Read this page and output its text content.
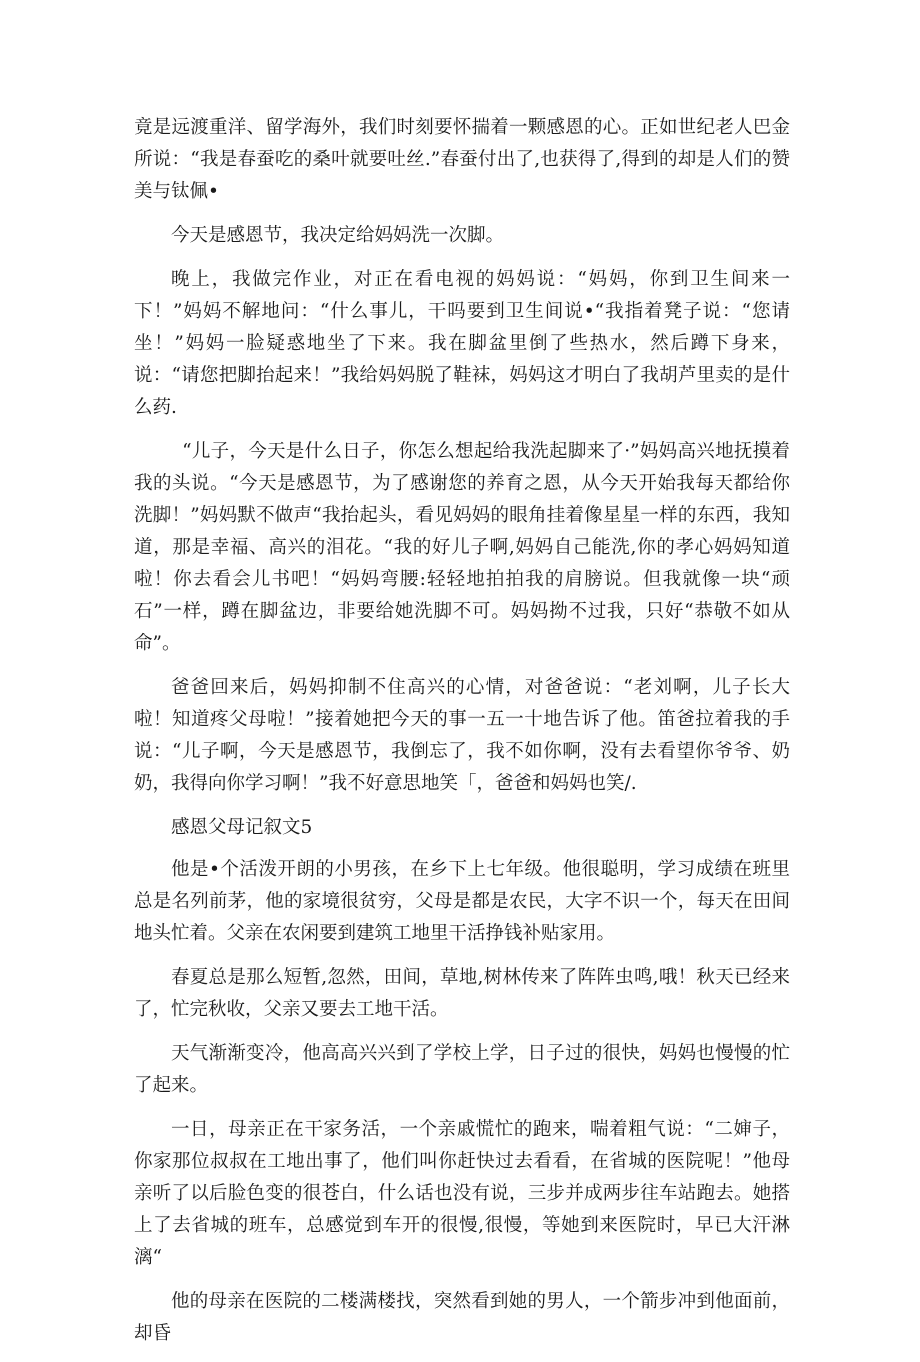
竟是远渡重洋、留学海外，我们时刻要怀揣着一颗感恩的心。正如世纪老人巴金所说：“我是春蚕吃的桑叶就要吐丝.”春蚕付出了,也获得了,得到的却是人们的赞美与钛佩•

今天是感恩节，我决定给妈妈洗一次脚。

晚上，我做完作业，对正在看电视的妈妈说：“妈妈，你到卫生间来一下！”妈妈不解地问：“什么事儿，干吗要到卫生间说•“我指着凳子说：“您请坐！”妈妈一脸疑惑地坐了下来。我在脚盆里倒了些热水，然后蹲下身来，说：“请您把脚抬起来！”我给妈妈脱了鞋袜，妈妈这才明白了我胡芦里卖的是什么药.

“儿子，今天是什么日子，你怎么想起给我洗起脚来了·”妈妈高兴地抚摸着我的头说。“今天是感恩节，为了感谢您的养育之恩，从今天开始我每天都给你洗脚！”妈妈默不做声“我抬起头，看见妈妈的眼角挂着像星星一样的东西，我知道，那是幸福、高兴的泪花。“我的好儿子啊,妈妈自己能洗,你的孝心妈妈知道啦！你去看会儿书吧！“妈妈弯腰:轻轻地拍拍我的肩膀说。但我就像一块“顽石”一样，蹲在脚盆边，非要给她洗脚不可。妈妈拗不过我，只好“恭敬不如从命”。

爸爸回来后，妈妈抑制不住高兴的心情，对爸爸说：“老刘啊，儿子长大啦！知道疼父母啦！”接着她把今天的事一五一十地告诉了他。笛爸拉着我的手说：“儿子啊，今天是感恩节，我倒忘了，我不如你啊，没有去看望你爷爷、奶奶，我得向你学习啊！”我不好意思地笑「，爸爸和妈妈也笑/.

感恩父母记叙文5

他是•个活泼开朗的小男孩，在乡下上七年级。他很聪明，学习成绩在班里总是名列前茅，他的家境很贫穷，父母是都是农民，大字不识一个，每天在田间地头忙着。父亲在农闲要到建筑工地里干活挣钱补贴家用。

春夏总是那么短暂,忽然，田间，草地,树林传来了阵阵虫鸣,哦！秋天已经来了，忙完秋收，父亲又要去工地干活。

天气渐渐变冷，他高高兴兴到了学校上学，日子过的很快，妈妈也慢慢的忙了起来。

一日，母亲正在干家务活，一个亲戚慌忙的跑来，喘着粗气说：“二婶子，你家那位叔叔在工地出事了，他们叫你赶快过去看看，在省城的医院呢！”他母亲听了以后脸色变的很苍白，什么话也没有说，三步并成两步往车站跑去。她搭上了去省城的班车，总感觉到车开的很慢,很慢，等她到来医院时，早已大汗淋漓“

他的母亲在医院的二楼满楼找，突然看到她的男人，一个箭步冲到他面前，却昏
